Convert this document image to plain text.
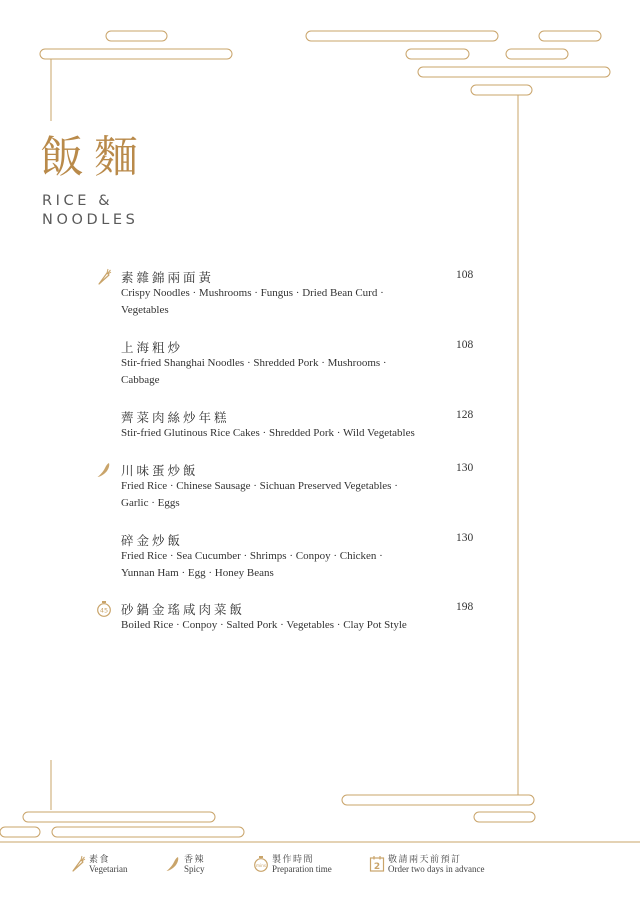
飯麵
RICE &
NOODLES
素雜錦兩面黃
Crispy Noodles · Mushrooms · Fungus · Dried Bean Curd · Vegetables
108
上海粗炒
Stir-fried Shanghai Noodles · Shredded Pork · Mushrooms · Cabbage
108
薺菜肉絲炒年糕
Stir-fried Glutinous Rice Cakes · Shredded Pork · Wild Vegetables
128
川味蛋炒飯
Fried Rice · Chinese Sausage · Sichuan Preserved Vegetables · Garlic · Eggs
130
碎金炒飯
Fried Rice · Sea Cucumber · Shrimps · Conpoy · Chicken · Yunnan Ham · Egg · Honey Beans
130
45 砂鍋金瑤咸肉菜飯
Boiled Rice · Conpoy · Salted Pork · Vegetables · Clay Pot Style
198
素食
Vegetarian
香辣
Spicy	mins
製作時間
Preparation time	2
敬請兩天前預訂
Order two days in advance
